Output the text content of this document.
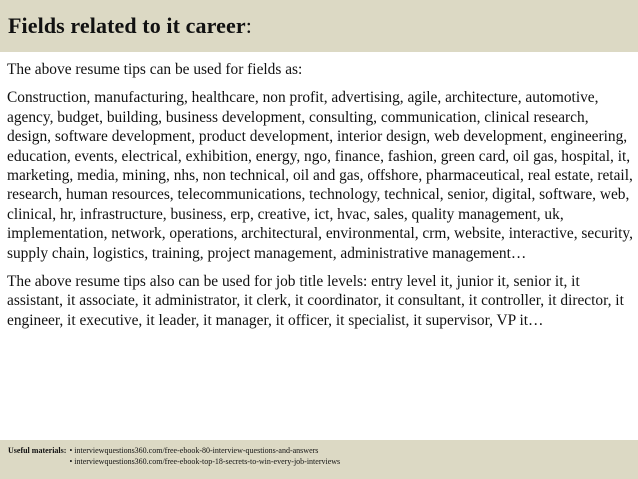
Fields related to it career:

The above resume tips can be used for fields as:

Construction, manufacturing, healthcare, non profit, advertising, agile, architecture, automotive, agency, budget, building, business development, consulting, communication, clinical research, design, software development, product development, interior design, web development, engineering, education, events, electrical, exhibition, energy, ngo, finance, fashion, green card, oil gas, hospital, it, marketing, media, mining, nhs, non technical, oil and gas, offshore, pharmaceutical, real estate, retail, research, human resources, telecommunications, technology, technical, senior, digital, software, web, clinical, hr, infrastructure, business, erp, creative, ict, hvac, sales, quality management, uk, implementation, network, operations, architectural, environmental, crm, website, interactive, security, supply chain, logistics, training, project management, administrative management…

The above resume tips also can be used for job title levels: entry level it, junior it, senior it, it assistant, it associate, it administrator, it clerk, it coordinator, it consultant, it controller, it director, it engineer, it executive, it leader, it manager, it officer, it specialist, it supervisor, VP it…

Useful materials: • interviewquestions360.com/free-ebook-80-interview-questions-and-answers
• interviewquestions360.com/free-ebook-top-18-secrets-to-win-every-job-interviews
